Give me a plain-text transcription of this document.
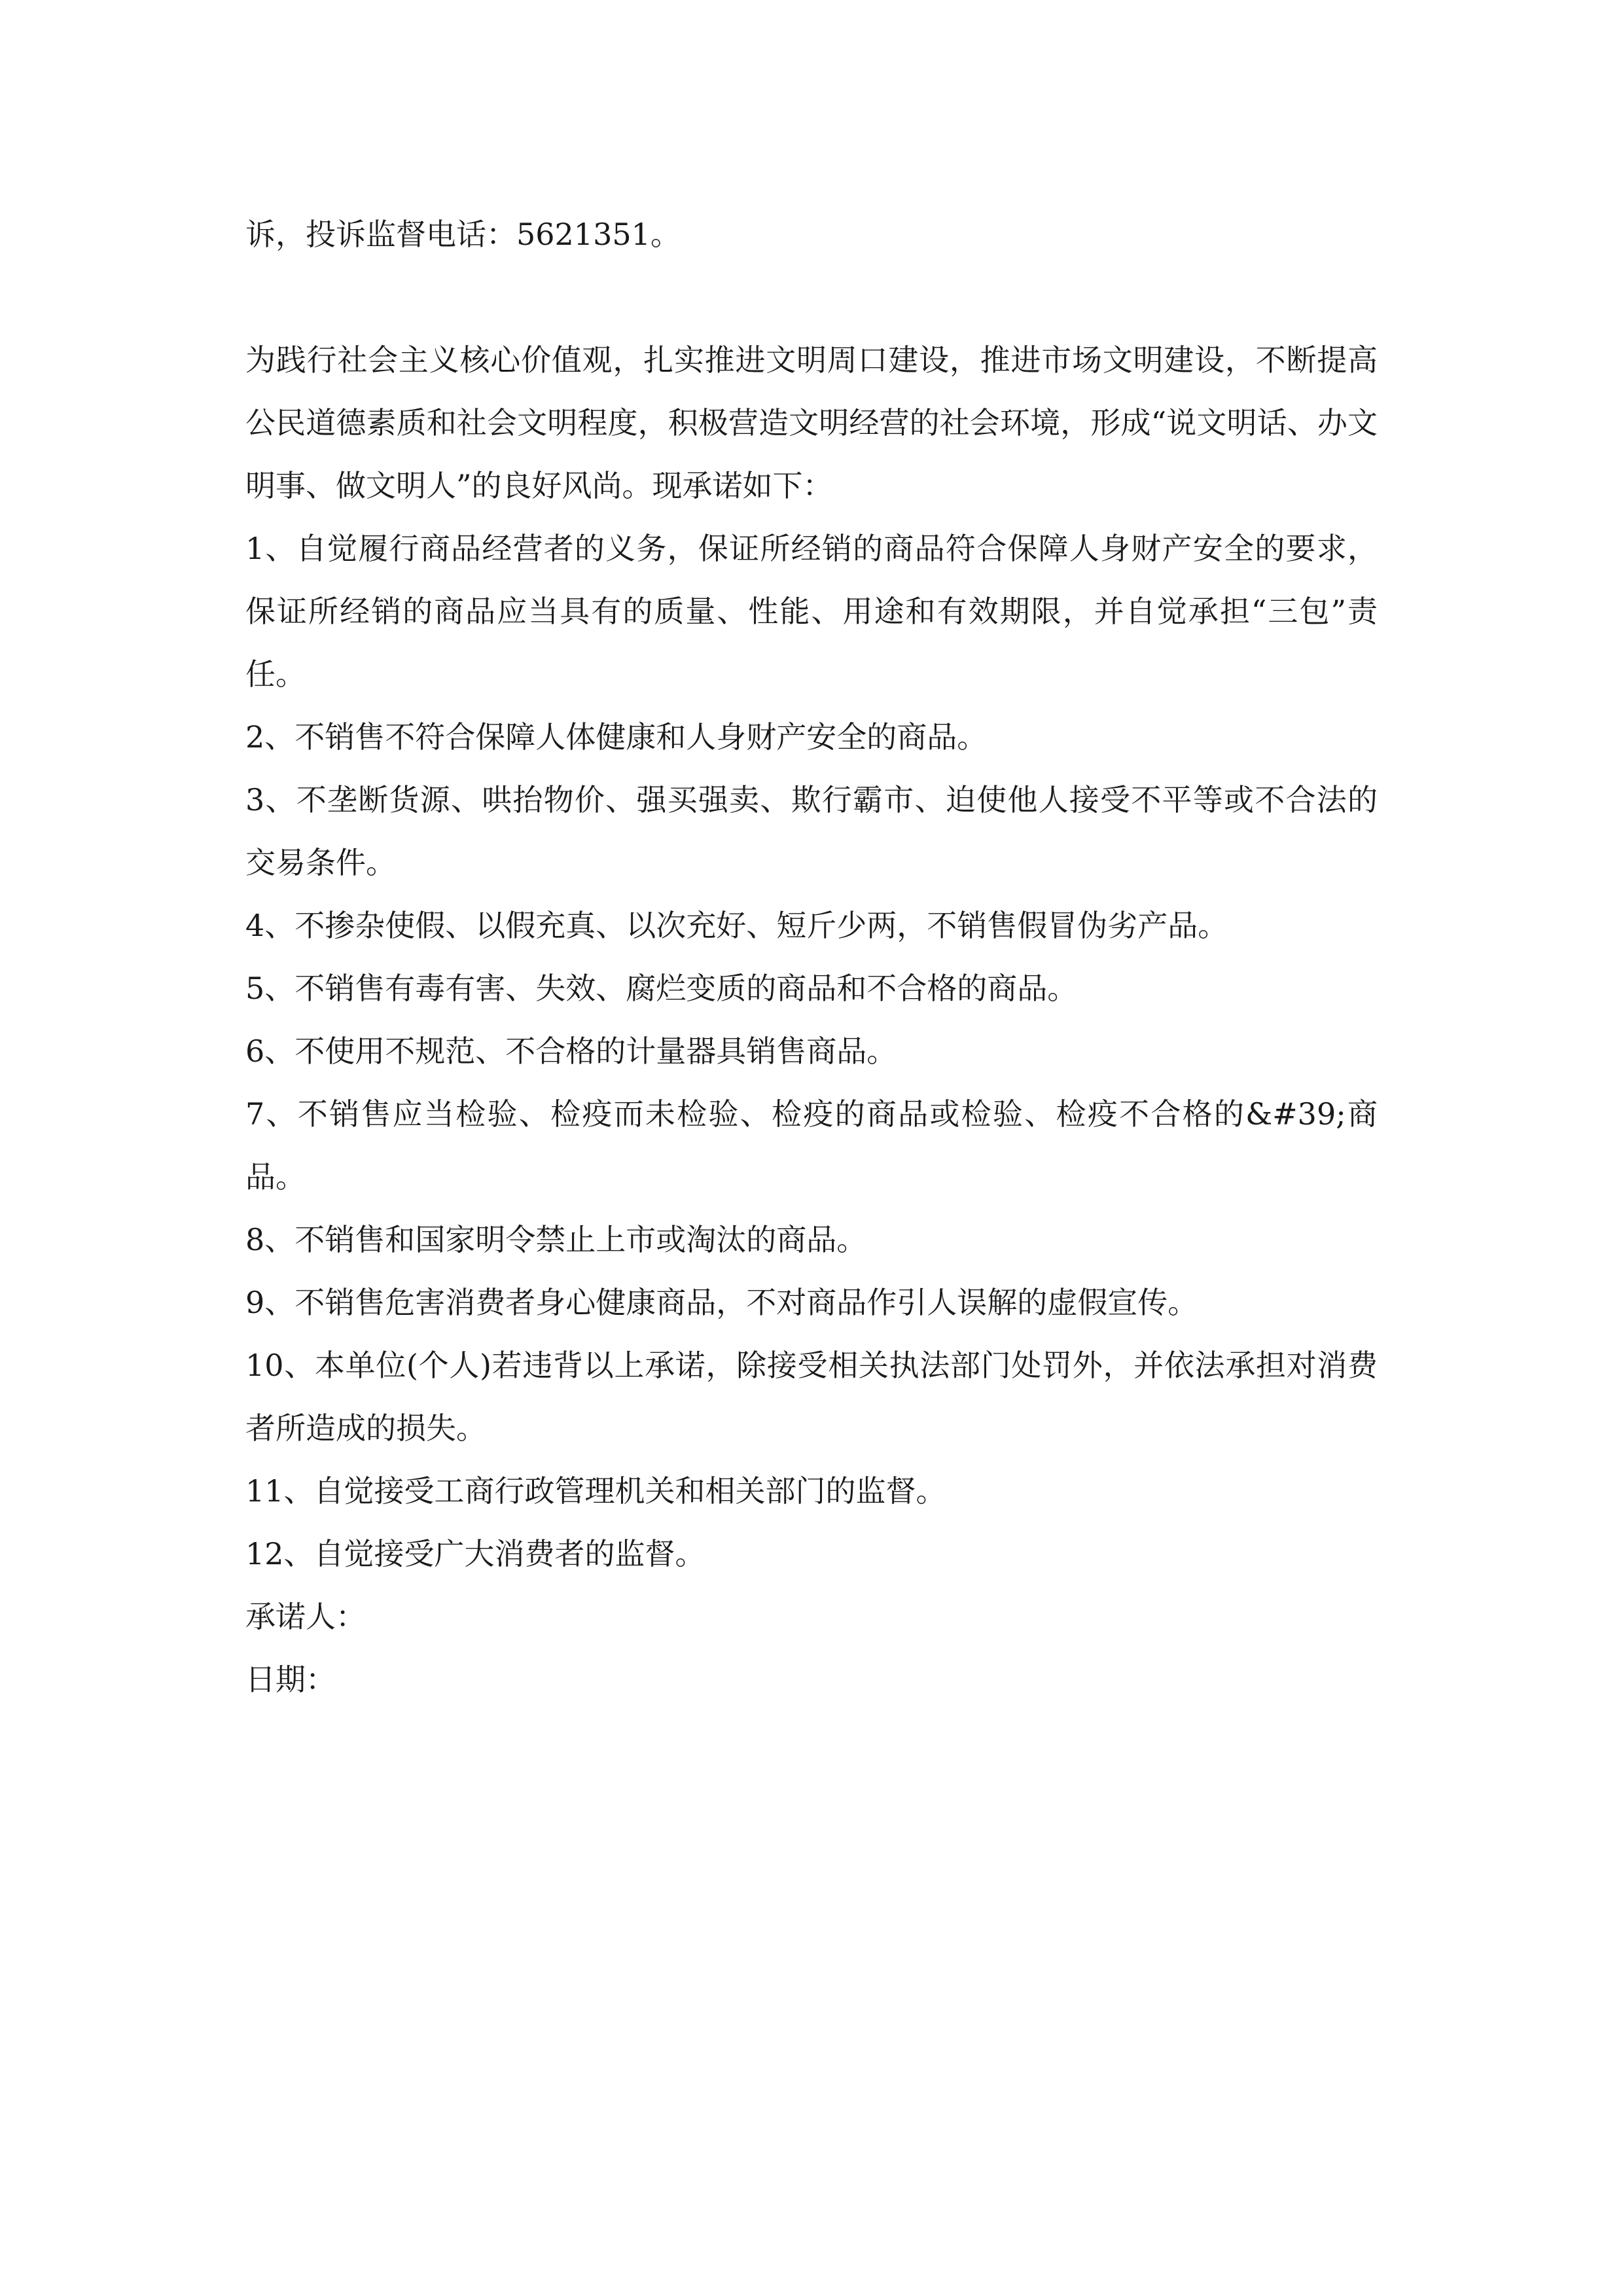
诉，投诉监督电话：5621351。

为践行社会主义核心价值观，扎实推进文明周口建设，推进市场文明建设，不断提高公民道德素质和社会文明程度，积极营造文明经营的社会环境，形成“说文明话、办文明事、做文明人”的良好风尚。现承诺如下：

1、自觉履行商品经营者的义务，保证所经销的商品符合保障人身财产安全的要求，保证所经销的商品应当具有的质量、性能、用途和有效期限，并自觉承担“三包”责任。

2、不销售不符合保障人体健康和人身财产安全的商品。

3、不垄断货源、哄抬物价、强买强卖、欺行霸市、迫使他人接受不平等或不合法的交易条件。

4、不掺杂使假、以假充真、以次充好、短斤少两，不销售假冒伪劣产品。

5、不销售有毒有害、失效、腐烂变质的商品和不合格的商品。

6、不使用不规范、不合格的计量器具销售商品。

7、不销售应当检验、检疫而未检验、检疫的商品或检验、检疫不合格的&#39;商品。

8、不销售和国家明令禁止上市或淘汰的商品。

9、不销售危害消费者身心健康商品，不对商品作引人误解的虚假宣传。

10、本单位(个人)若违背以上承诺，除接受相关执法部门处罚外，并依法承担对消费者所造成的损失。

11、自觉接受工商行政管理机关和相关部门的监督。

12、自觉接受广大消费者的监督。

承诺人：

日期：
